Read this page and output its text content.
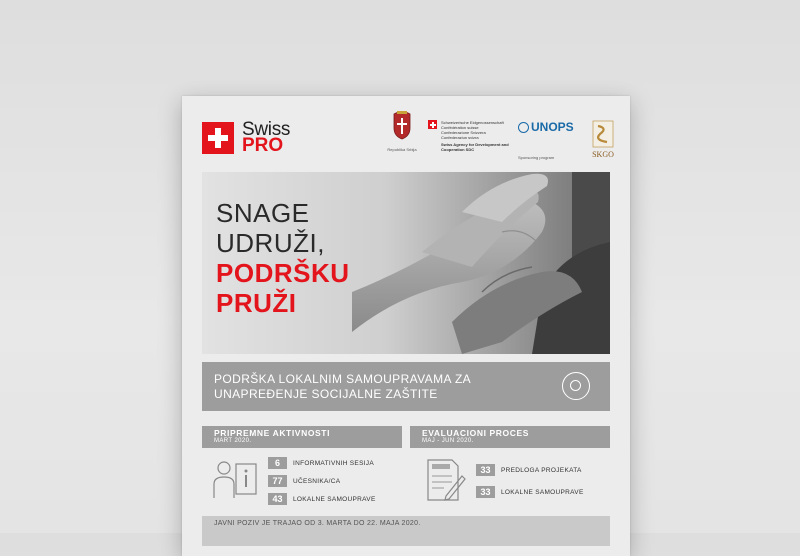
Swiss
PRO	Republika Srbija
Schweizerische Eidgenossenschaft
Confédération suisse
Confederazione Svizzera
Confederaziun svizra
Swiss Agency for Development and Cooperation SDC
UNOPS
Sponsoring program	SKGO
SNAGE
UDRUŽI,
PODRŠKU
PRUŽI
PODRŠKA LOKALNIM SAMOUPRAVAMA ZA
UNAPREĐENJE SOCIJALNE ZAŠTITE
PRIPREMNE AKTIVNOSTI
MART 2020.
EVALUACIONI PROCES
MAJ - JUN 2020.
6	INFORMATIVNIH SESIJA
77	UČESNIKA/CA
43	LOKALNE SAMOUPRAVE
33	PREDLOGA PROJEKATA
33	LOKALNE SAMOUPRAVE
JAVNI POZIV JE TRAJAO OD 3. MARTA DO 22. MAJA 2020.
